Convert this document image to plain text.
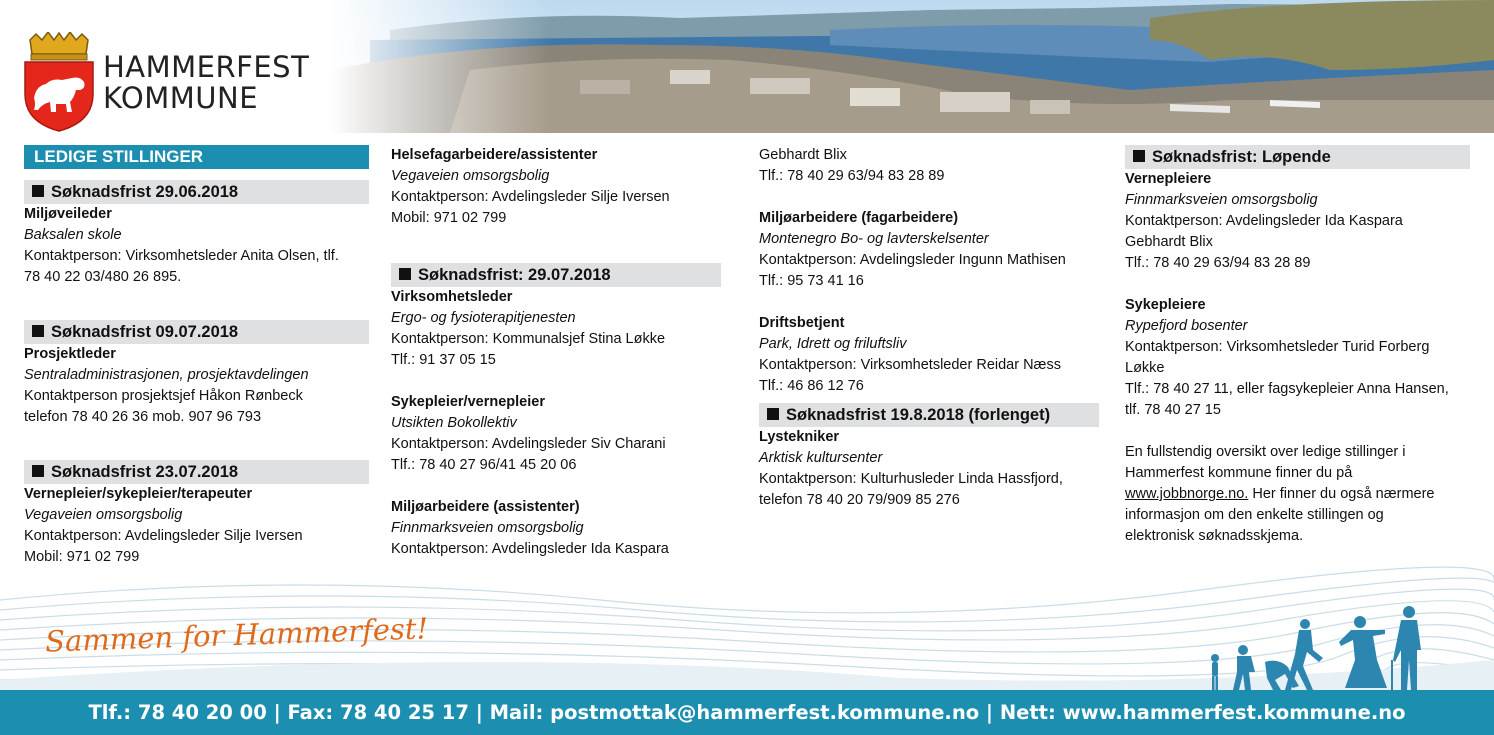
HAMMERFEST
KOMMUNE
LEDIGE STILLINGER
Søknadsfrist 29.06.2018
Miljøveileder
Baksalen skole
Kontaktperson: Virksomhetsleder Anita Olsen, tlf.
78 40 22 03/480 26 895.
Søknadsfrist 09.07.2018
Prosjektleder
Sentraladministrasjonen, prosjektavdelingen
Kontaktperson prosjektsjef Håkon Rønbeck
telefon 78 40 26 36 mob. 907 96 793
Søknadsfrist 23.07.2018
Vernepleier/sykepleier/terapeuter
Vegaveien omsorgsbolig
Kontaktperson: Avdelingsleder Silje Iversen
Mobil: 971 02 799
Helsefagarbeidere/assistenter
Vegaveien omsorgsbolig
Kontaktperson: Avdelingsleder Silje Iversen
Mobil: 971 02 799
Søknadsfrist: 29.07.2018
Virksomhetsleder
Ergo- og fysioterapitjenesten
Kontaktperson: Kommunalsjef Stina Løkke
Tlf.: 91 37 05 15
Sykepleier/vernepleier
Utsikten Bokollektiv
Kontaktperson: Avdelingsleder Siv Charani
Tlf.: 78 40 27 96/41 45 20 06
Miljøarbeidere (assistenter)
Finnmarksveien omsorgsbolig
Kontaktperson: Avdelingsleder Ida Kaspara
Gebhardt Blix
Tlf.: 78 40 29 63/94 83 28 89
Miljøarbeidere (fagarbeidere)
Montenegro Bo- og lavterskelsenter
Kontaktperson: Avdelingsleder Ingunn Mathisen
Tlf.: 95 73 41 16
Driftsbetjent
Park, Idrett og friluftsliv
Kontaktperson: Virksomhetsleder Reidar Næss
Tlf.: 46 86 12 76
Søknadsfrist 19.8.2018 (forlenget)
Lystekniker
Arktisk kultursenter
Kontaktperson: Kulturhusleder Linda Hassfjord,
telefon 78 40 20 79/909 85 276
Søknadsfrist: Løpende
Vernepleiere
Finnmarksveien omsorgsbolig
Kontaktperson: Avdelingsleder Ida Kaspara
Gebhardt Blix
Tlf.: 78 40 29 63/94 83 28 89
Sykepleiere
Rypefjord bosenter
Kontaktperson: Virksomhetsleder Turid Forberg
Løkke
Tlf.: 78 40 27 11, eller fagsykepleier Anna Hansen,
tlf. 78 40 27 15
En fullstendig oversikt over ledige stillinger i
Hammerfest kommune finner du på
www.jobbnorge.no. Her finner du også nærmere
informasjon om den enkelte stillingen og
elektronisk søknadsskjema.
Sammen for Hammerfest!
Tlf.: 78 40 20 00 | Fax: 78 40 25 17 | Mail: postmottak@hammerfest.kommune.no | Nett: www.hammerfest.kommune.no
